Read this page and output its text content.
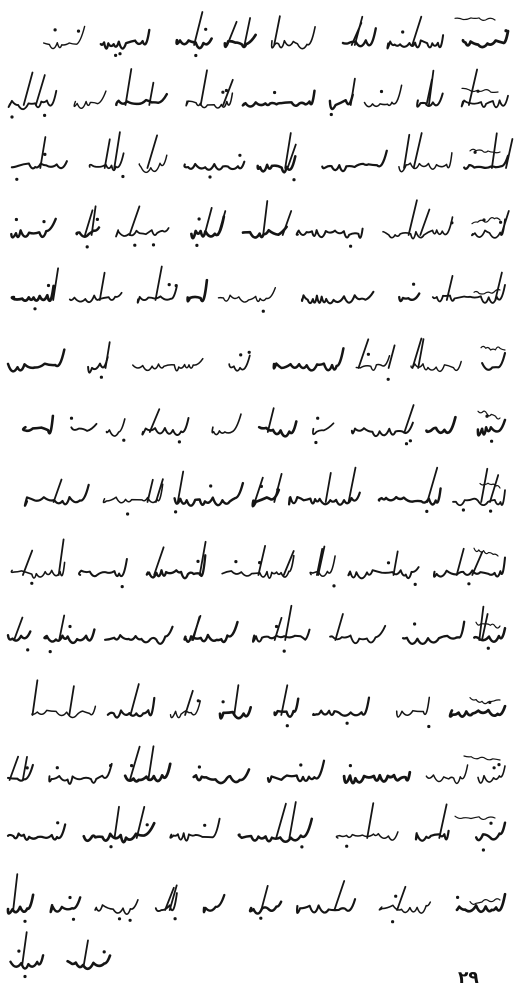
۲۹
